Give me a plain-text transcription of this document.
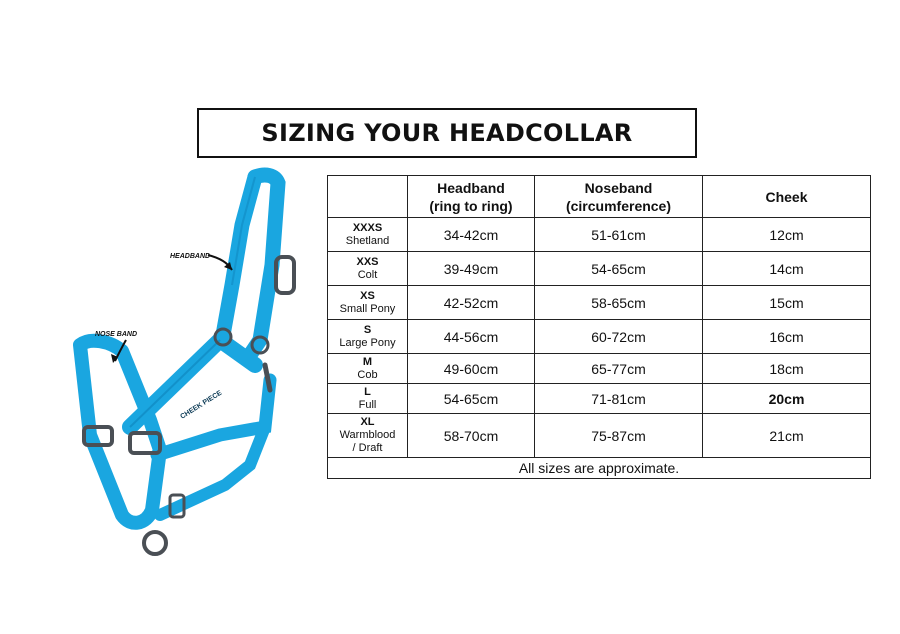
SIZING YOUR HEADCOLLAR
HEADBAND
NOSE BAND
CHEEK PIECE

	Headband
(ring to ring)	Noseband
(circumference)	Cheek

XXXS
Shetland	34-42cm	51-61cm	12cm

XXS
Colt	39-49cm	54-65cm	14cm

XS
Small Pony	42-52cm	58-65cm	15cm

S
Large Pony	44-56cm	60-72cm	16cm

M
Cob	49-60cm	65-77cm	18cm

L
Full	54-65cm	71-81cm	20cm

XL
Warmblood
/ Draft	58-70cm	75-87cm	21cm
All sizes are approximate.			
